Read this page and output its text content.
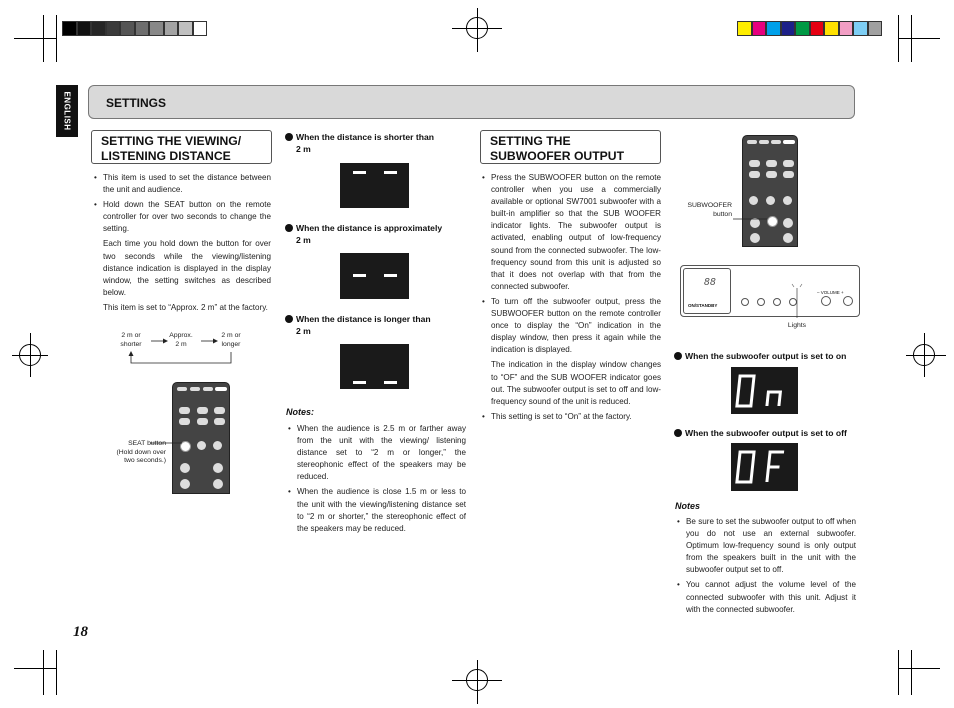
ENGLISH	SETTINGS
SETTING THE VIEWING/
LISTENING DISTANCE
• This item is used to set the distance between the unit and audience.
• Hold down the SEAT button on the remote controller for over two seconds to change the setting.
Each time you hold down the button for over two seconds while the viewing/listening distance indication is displayed in the display window, the setting switches as described below.
This item is set to “Approx. 2 m” at the factory.
2 m or
shorter
Approx.
2 m
2 m or
longer
SEAT button
(Hold down over
two seconds.)
When the distance is shorter than
2 m
When the distance is approximately
2 m
When the distance is longer than
2 m
Notes:
• When the audience is 2.5 m or farther away from the unit with the viewing/ listening distance set to “2 m or longer,” the stereophonic effect of the speakers may be reduced.
• When the audience is close 1.5 m or less to the unit with the viewing/listening distance set to “2 m or shorter,” the stereophonic effect of the speakers may be reduced.
SETTING THE
SUBWOOFER OUTPUT
• Press the SUBWOOFER button on the remote controller when you use a commercially available or optional SW7001 subwoofer with a built-in amplifier so that the SUB WOOFER indicator lights. The subwoofer output is activated, enabling output of low-frequency sound from the connected subwoofer. The low-frequency sound from this unit is adjusted so that it does not overlap with that from the connected subwoofer.
• To turn off the subwoofer output, press the SUBWOOFER button on the remote controller once to display the “On” indication in the display window, then press it again while the indication is displayed.
The indication in the display window changes to “OF” and the SUB WOOFER indicator goes out. The subwoofer output is set to off and low-frequency sound of the unit is reduced.
• This setting is set to “On” at the factory.
SUBWOOFER
button
88
ON/STANDBY
– VOLUME +
Lights
When the subwoofer output is set to on
When the subwoofer output is set to off
Notes
• Be sure to set the subwoofer output to off when you do not use an external subwoofer. Optimum low-frequency sound is only output from the speakers built in the unit with the subwoofer output set to off.
• You cannot adjust the volume level of the connected subwoofer with this unit. Adjust it with the connected subwoofer.
18
